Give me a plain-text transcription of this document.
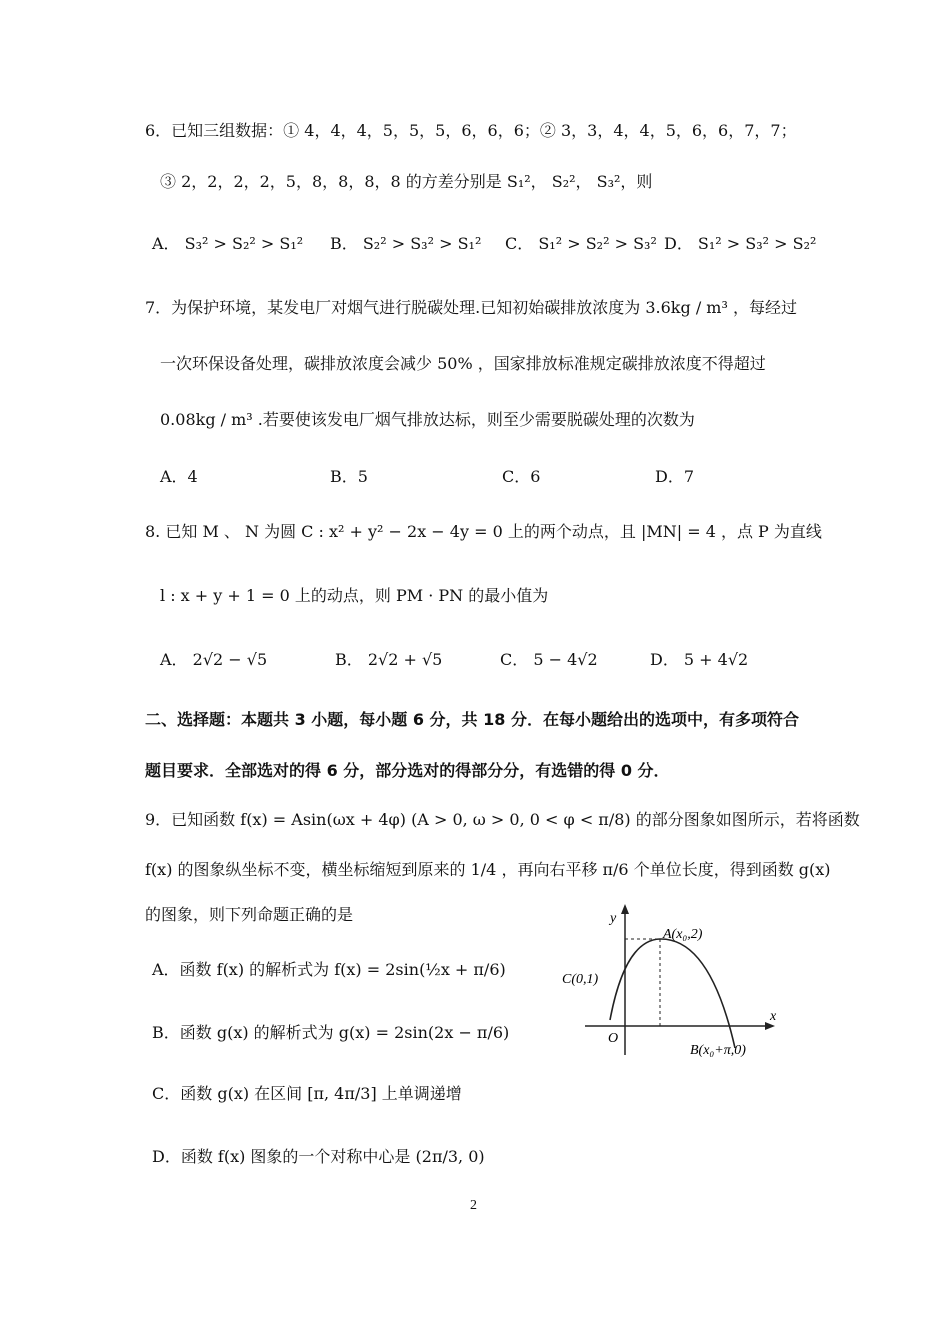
6．已知三组数据：① 4，4，4，5，5，5，6，6，6；② 3，3，4，4，5，6，6，7，7；
③ 2，2，2，2，5，8，8，8，8 的方差分别是 S₁²， S₂²， S₃²，则
A． S₃² > S₂² > S₁² B． S₂² > S₃² > S₁² C． S₁² > S₂² > S₃² D． S₁² > S₃² > S₂²
7．为保护环境，某发电厂对烟气进行脱碳处理.已知初始碳排放浓度为 3.6kg / m³ ，每经过
一次环保设备处理，碳排放浓度会减少 50% ，国家排放标准规定碳排放浓度不得超过
0.08kg / m³ .若要使该发电厂烟气排放达标，则至少需要脱碳处理的次数为
A．4	B．5	C．6	D．7
8. 已知 M 、 N 为圆 C : x² + y² − 2x − 4y = 0 上的两个动点，且 |MN| = 4 ，点 P 为直线
l : x + y + 1 = 0 上的动点，则 PM · PN 的最小值为
A． 2√2 − √5	B． 2√2 + √5	C． 5 − 4√2	D． 5 + 4√2
二、选择题：本题共 3 小题，每小题 6 分，共 18 分．在每小题给出的选项中，有多项符合
题目要求．全部选对的得 6 分，部分选对的得部分分，有选错的得 0 分．
9．已知函数 f(x) = Asin(ωx + 4φ) (A > 0, ω > 0, 0 < φ < π/8) 的部分图象如图所示，若将函数
f(x) 的图象纵坐标不变，横坐标缩短到原来的 1/4 ，再向右平移 π/6 个单位长度，得到函数 g(x)
的图象，则下列命题正确的是
A．函数 f(x) 的解析式为 f(x) = 2sin(½x + π/6)
B．函数 g(x) 的解析式为 g(x) = 2sin(2x − π/6)
C．函数 g(x) 在区间 [π, 4π/3] 上单调递增
D．函数 f(x) 图象的一个对称中心是 (2π/3, 0)
y
x
O
A(x₀,2)
C(0,1)
B(x₀+π,0)
2
